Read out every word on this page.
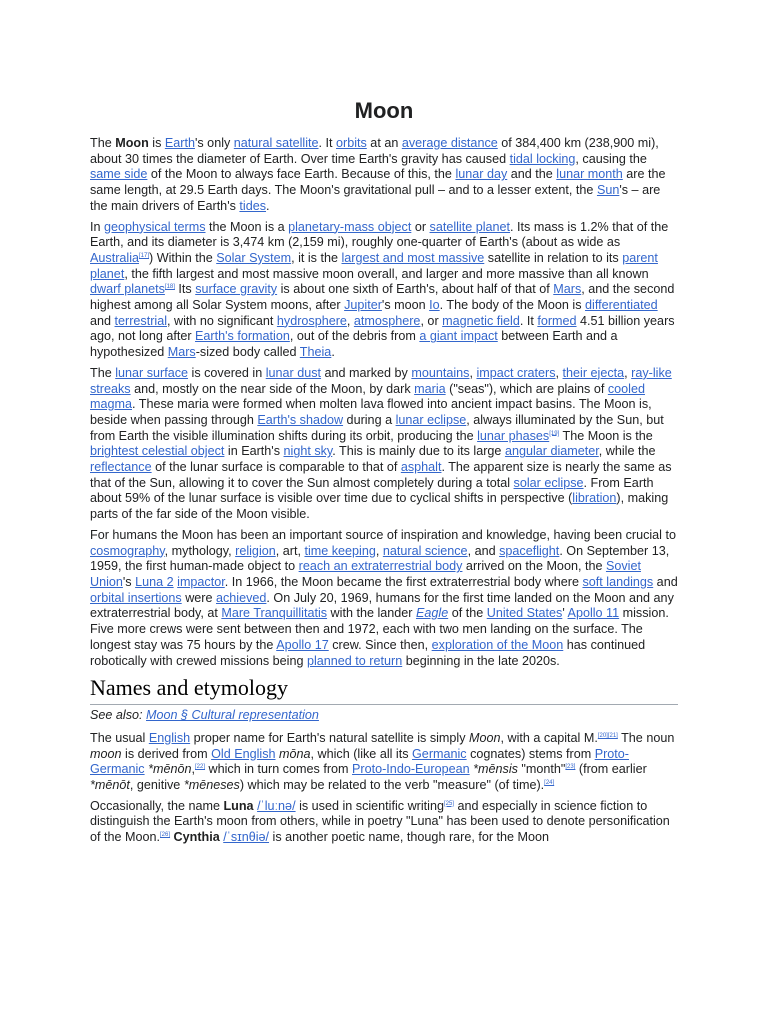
Moon

The Moon is Earth's only natural satellite. It orbits at an average distance of 384,400 km (238,900 mi), about 30 times the diameter of Earth. Over time Earth's gravity has caused tidal locking, causing the same side of the Moon to always face Earth. Because of this, the lunar day and the lunar month are the same length, at 29.5 Earth days. The Moon's gravitational pull – and to a lesser extent, the Sun's – are the main drivers of Earth's tides.

In geophysical terms the Moon is a planetary-mass object or satellite planet. Its mass is 1.2% that of the Earth, and its diameter is 3,474 km (2,159 mi), roughly one-quarter of Earth's (about as wide as Australia[17]) Within the Solar System, it is the largest and most massive satellite in relation to its parent planet, the fifth largest and most massive moon overall, and larger and more massive than all known dwarf planets[18] Its surface gravity is about one sixth of Earth's, about half of that of Mars, and the second highest among all Solar System moons, after Jupiter's moon Io. The body of the Moon is differentiated and terrestrial, with no significant hydrosphere, atmosphere, or magnetic field. It formed 4.51 billion years ago, not long after Earth's formation, out of the debris from a giant impact between Earth and a hypothesized Mars-sized body called Theia.

The lunar surface is covered in lunar dust and marked by mountains, impact craters, their ejecta, ray-like streaks and, mostly on the near side of the Moon, by dark maria ("seas"), which are plains of cooled magma. These maria were formed when molten lava flowed into ancient impact basins. The Moon is, beside when passing through Earth's shadow during a lunar eclipse, always illuminated by the Sun, but from Earth the visible illumination shifts during its orbit, producing the lunar phases[19] The Moon is the brightest celestial object in Earth's night sky. This is mainly due to its large angular diameter, while the reflectance of the lunar surface is comparable to that of asphalt. The apparent size is nearly the same as that of the Sun, allowing it to cover the Sun almost completely during a total solar eclipse. From Earth about 59% of the lunar surface is visible over time due to cyclical shifts in perspective (libration), making parts of the far side of the Moon visible.

For humans the Moon has been an important source of inspiration and knowledge, having been crucial to cosmography, mythology, religion, art, time keeping, natural science, and spaceflight. On September 13, 1959, the first human-made object to reach an extraterrestrial body arrived on the Moon, the Soviet Union's Luna 2 impactor. In 1966, the Moon became the first extraterrestrial body where soft landings and orbital insertions were achieved. On July 20, 1969, humans for the first time landed on the Moon and any extraterrestrial body, at Mare Tranquillitatis with the lander Eagle of the United States' Apollo 11 mission. Five more crews were sent between then and 1972, each with two men landing on the surface. The longest stay was 75 hours by the Apollo 17 crew. Since then, exploration of the Moon has continued robotically with crewed missions being planned to return beginning in the late 2020s.

Names and etymology
See also: Moon § Cultural representation

The usual English proper name for Earth's natural satellite is simply Moon, with a capital M.[20][21] The noun moon is derived from Old English mōna, which (like all its Germanic cognates) stems from Proto-Germanic *mēnōn,[22] which in turn comes from Proto-Indo-European *mēnsis "month"[23] (from earlier *mēnōt, genitive *mēneses) which may be related to the verb "measure" (of time).[24]

Occasionally, the name Luna /ˈluːnə/ is used in scientific writing[25] and especially in science fiction to distinguish the Earth's moon from others, while in poetry "Luna" has been used to denote personification of the Moon.[26] Cynthia /ˈsɪnθiə/ is another poetic name, though rare, for the Moon
